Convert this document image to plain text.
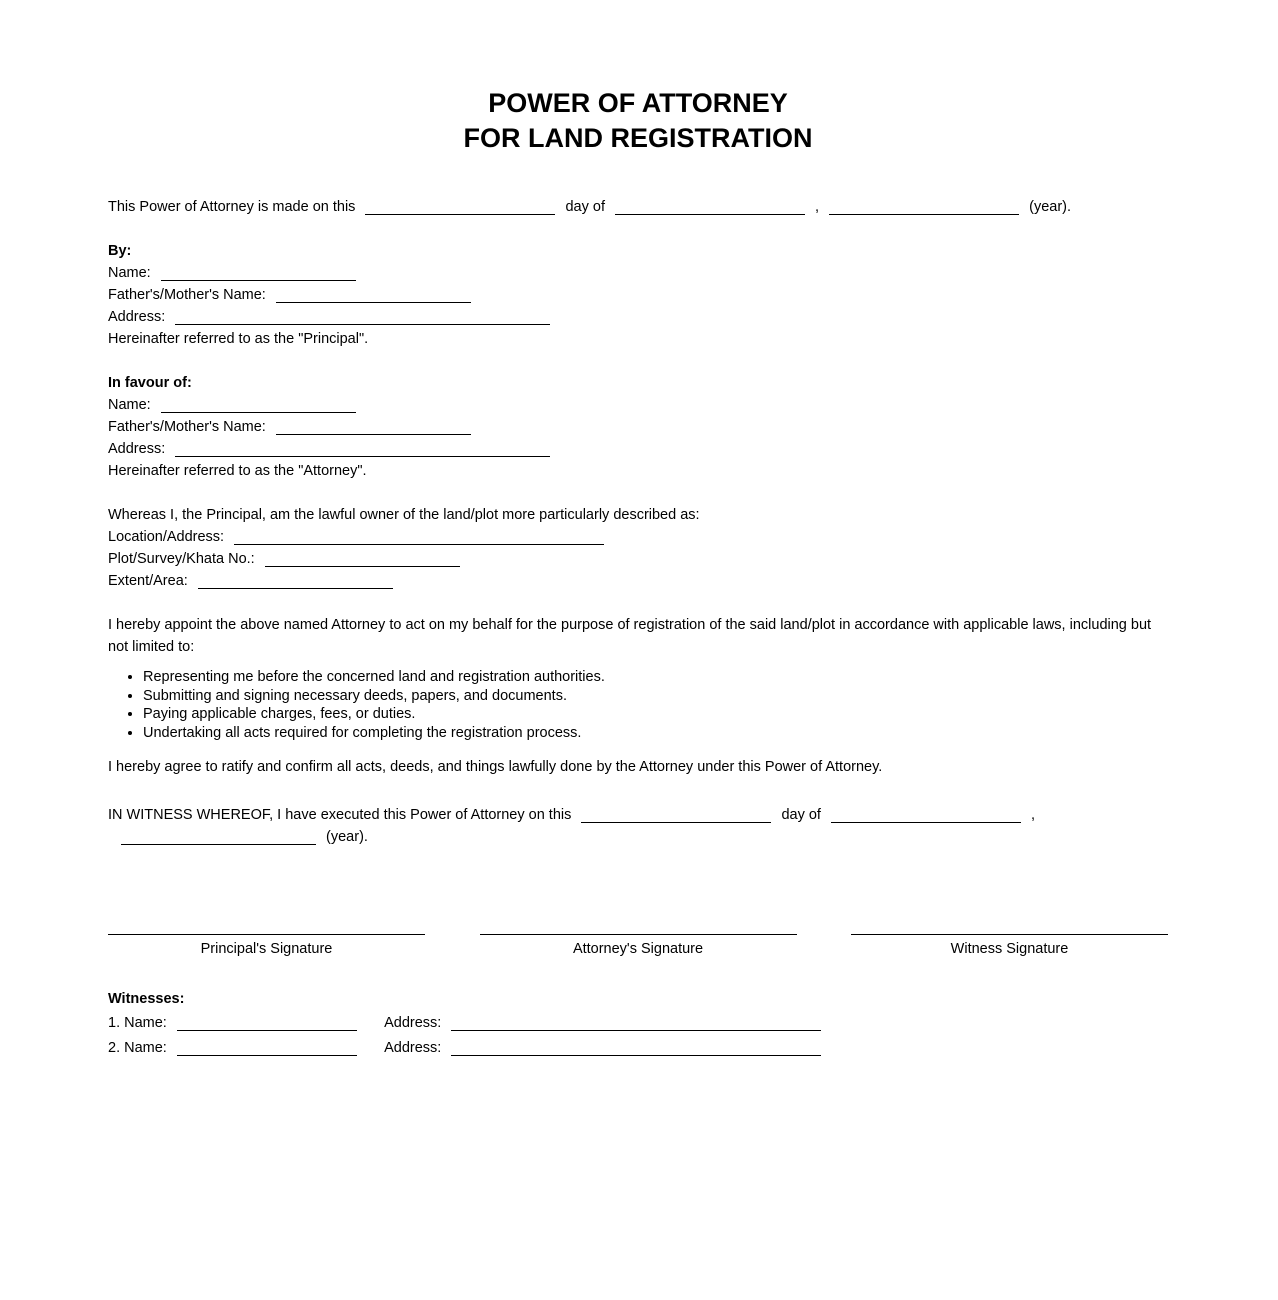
POWER OF ATTORNEY
FOR LAND REGISTRATION

This Power of Attorney is made on this	day of	,	(year).

By:

Name:

Father's/Mother's Name:

Address:

Hereinafter referred to as the "Principal".

In favour of:

Name:

Father's/Mother's Name:

Address:

Hereinafter referred to as the "Attorney".

Whereas I, the Principal, am the lawful owner of the land/plot more particularly described as:

Location/Address:

Plot/Survey/Khata No.:

Extent/Area:

I hereby appoint the above named Attorney to act on my behalf for the purpose of registration of the said land/plot in accordance with applicable laws, including but not limited to:

• Representing me before the concerned land and registration authorities.
• Submitting and signing necessary deeds, papers, and documents.
• Paying applicable charges, fees, or duties.
• Undertaking all acts required for completing the registration process.

I hereby agree to ratify and confirm all acts, deeds, and things lawfully done by the Attorney under this Power of Attorney.

IN WITNESS WHEREOF, I have executed this Power of Attorney on this	day of	,

(year).

Principal's Signature	Attorney's Signature	Witness Signature

Witnesses:

1. Name:	Address:

2. Name:	Address:
